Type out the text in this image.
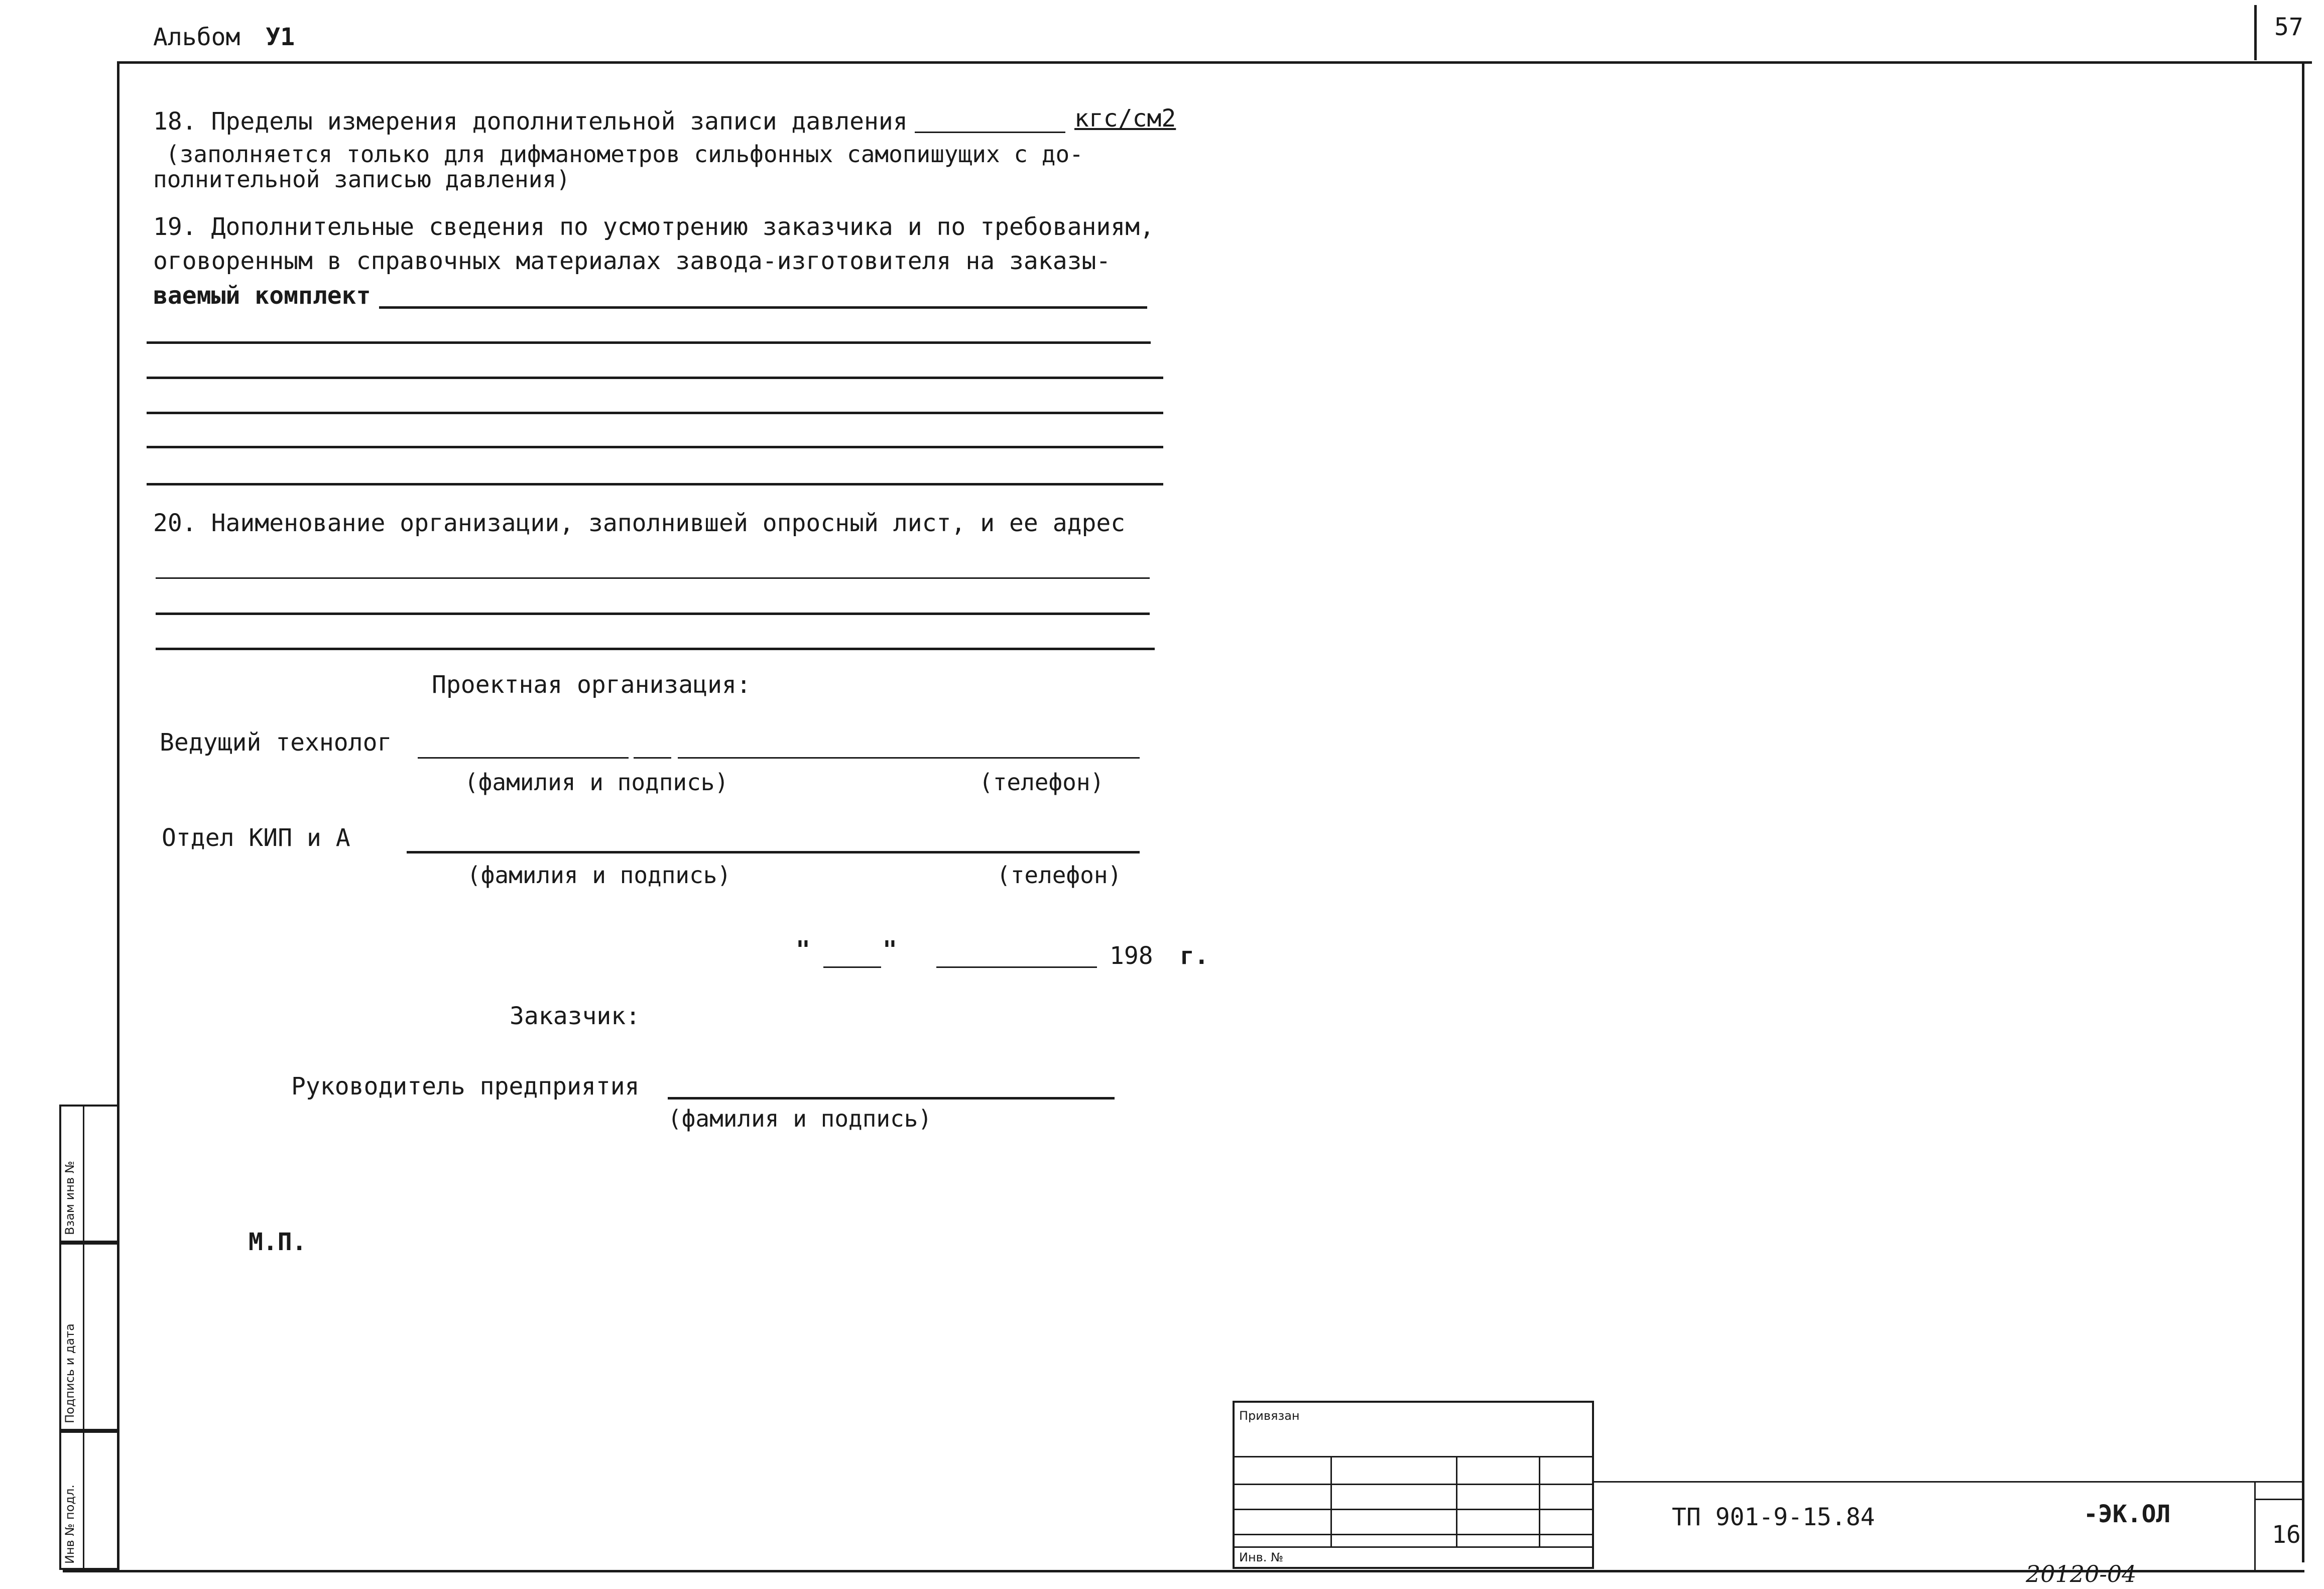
Альбом У1	57
18. Пределы измерения дополнительной записи давления	кгс/см2
(заполняется только для дифманометров сильфонных самопишущих с до-
полнительной записью давления)
19. Дополнительные сведения по усмотрению заказчика и по требованиям,
оговоренным в справочных материалах завода-изготовителя на заказы-
ваемый комплект
20. Наименование организации, заполнившей опросный лист, и ее адрес
Проектная организация:
Ведущий технолог
(фамилия и подпись)	(телефон)
Отдел КИП и А
(фамилия и подпись)	(телефон)
"	"	198 г.
Заказчик:
Руководитель предприятия
(фамилия и подпись)
М.П.
Инв № подл.
Подпись и дата
Взам инв №
Привязан
Инв. №
ТП 901-9-15.84	-ЭК.ОЛ
16
20120-04
